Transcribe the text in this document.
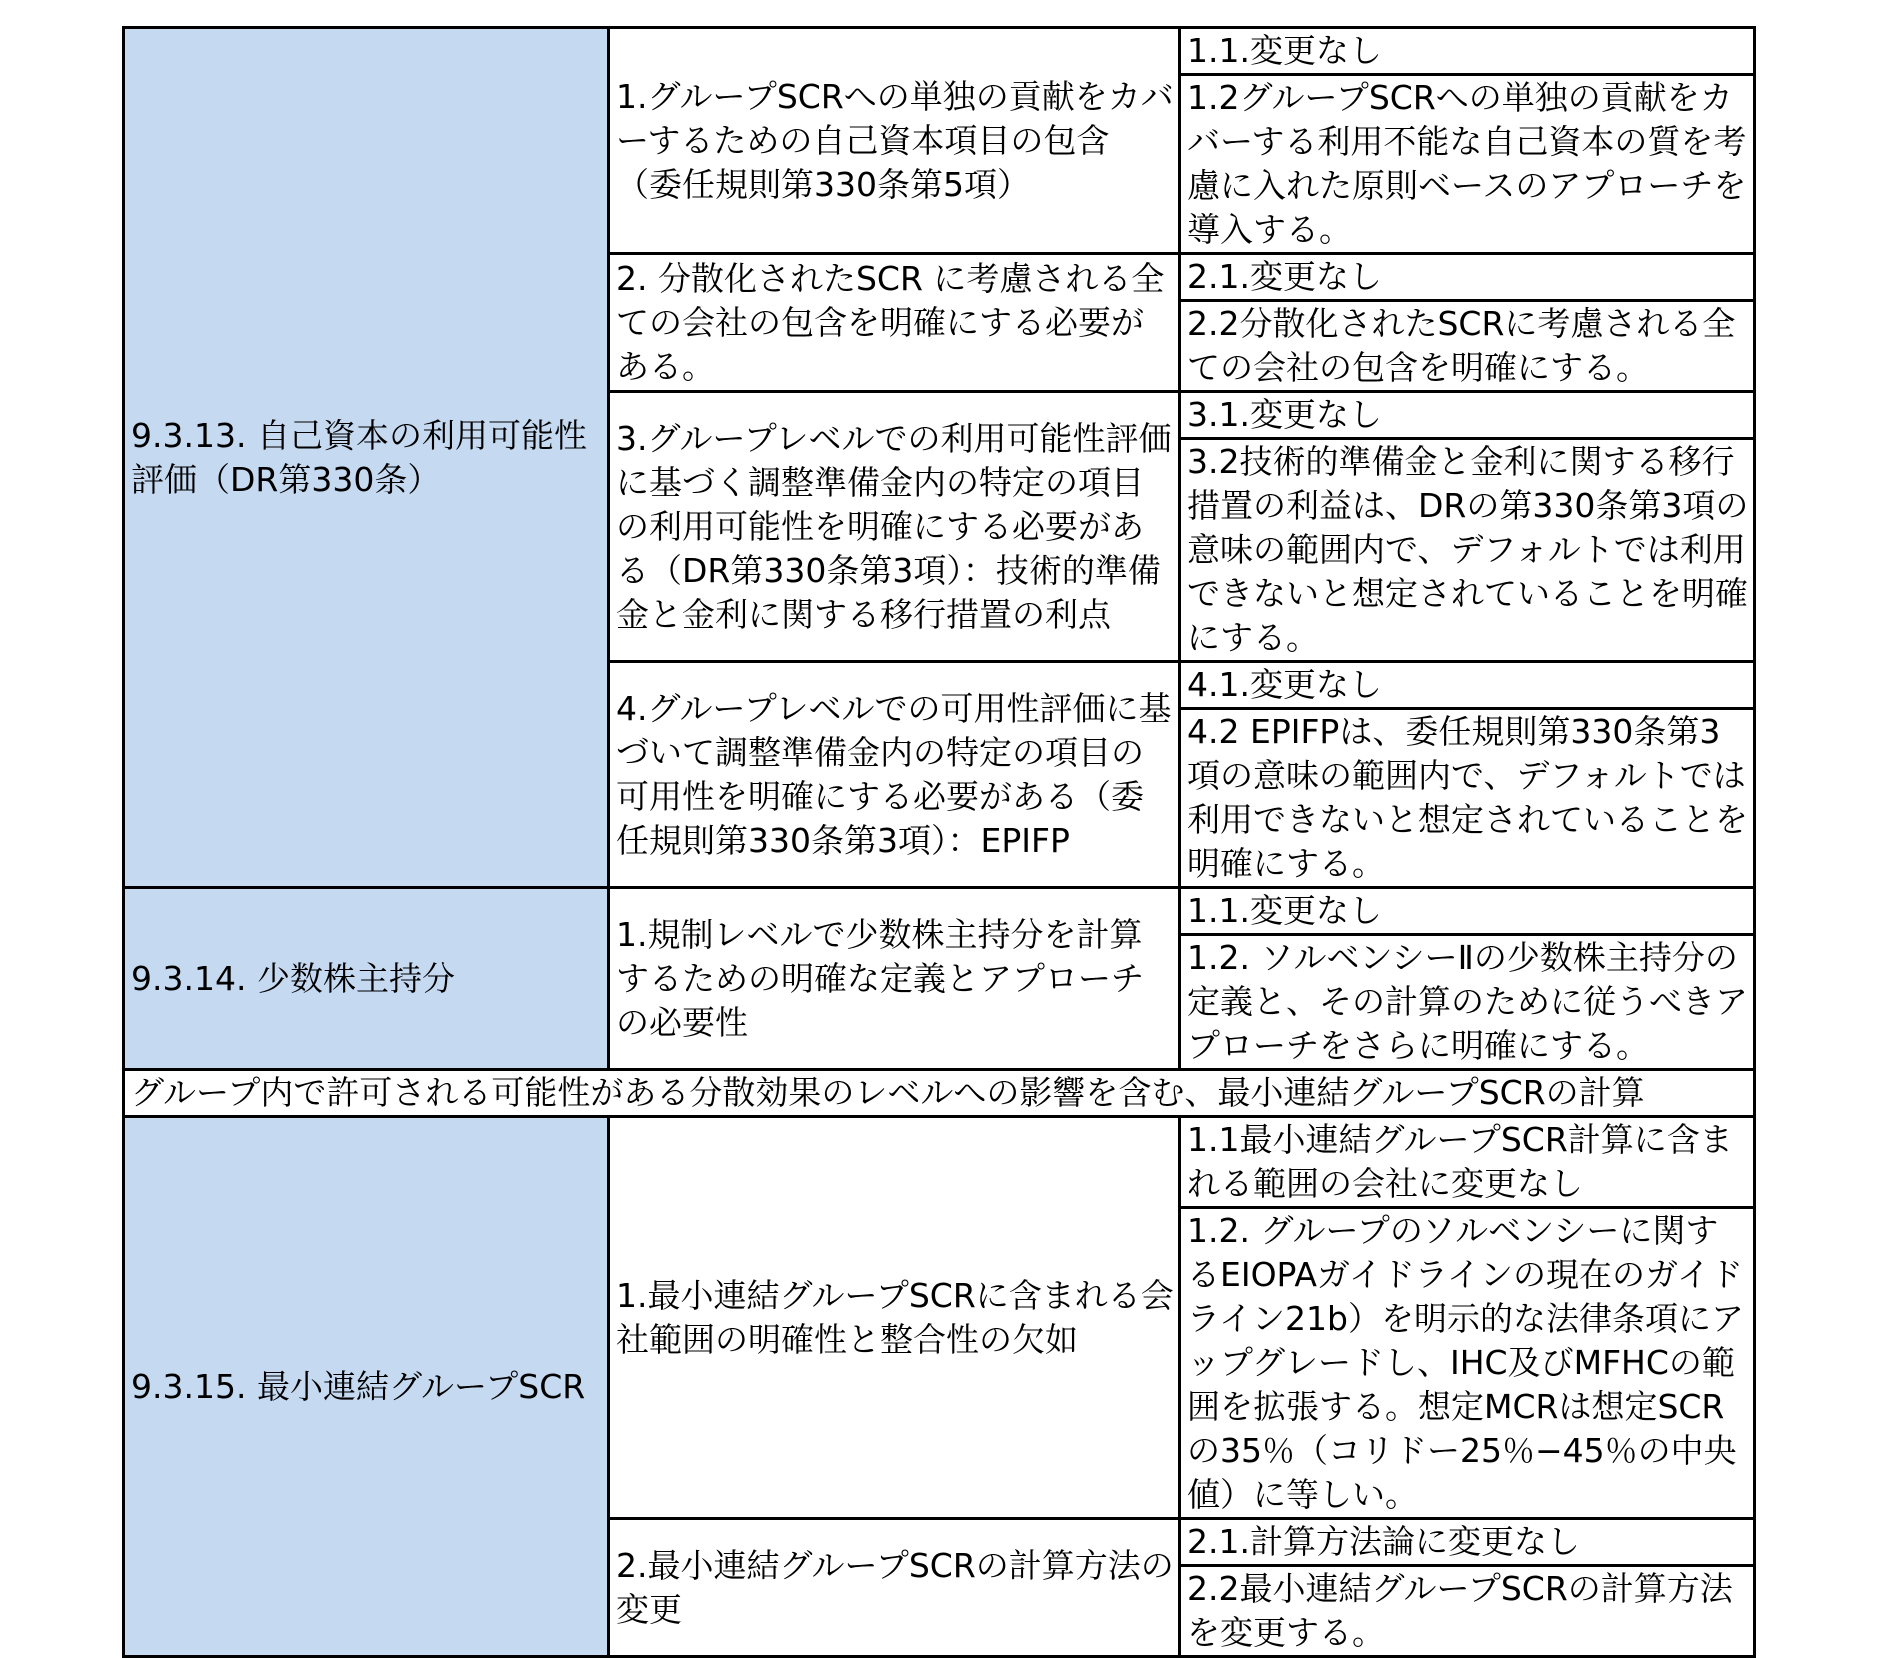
9.3.13. 自己資本の利用可能性評価（DR第330条）	1.グループSCRへの単独の貢献をカバーするための自己資本項目の包含（委任規則第330条第5項）	1.1.変更なし
		1.2グループSCRへの単独の貢献をカバーする利用不能な自己資本の質を考慮に入れた原則ベースのアプローチを導入する。
	2. 分散化されたSCR に考慮される全ての会社の包含を明確にする必要がある。	2.1.変更なし
		2.2分散化されたSCRに考慮される全ての会社の包含を明確にする。
	3.グループレベルでの利用可能性評価に基づく調整準備金内の特定の項目の利用可能性を明確にする必要がある（DR第330条第3項）：技術的準備金と金利に関する移行措置の利点	3.1.変更なし
		3.2技術的準備金と金利に関する移行措置の利益は、DRの第330条第3項の意味の範囲内で、デフォルトでは利用できないと想定されていることを明確にする。
	4.グループレベルでの可用性評価に基づいて調整準備金内の特定の項目の可用性を明確にする必要がある（委任規則第330条第3項）：EPIFP	4.1.変更なし
		4.2 EPIFPは、委任規則第330条第3項の意味の範囲内で、デフォルトでは利用できないと想定されていることを明確にする。
9.3.14. 少数株主持分	1.規制レベルで少数株主持分を計算するための明確な定義とアプローチの必要性	1.1.変更なし
		1.2. ソルベンシーⅡの少数株主持分の定義と、その計算のために従うべきアプローチをさらに明確にする。
グループ内で許可される可能性がある分散効果のレベルへの影響を含む、最小連結グループSCRの計算		
9.3.15. 最小連結グループSCR	1.最小連結グループSCRに含まれる会社範囲の明確性と整合性の欠如	1.1最小連結グループSCR計算に含まれる範囲の会社に変更なし
		1.2. グループのソルベンシーに関するEIOPAガイドラインの現在のガイドライン21b）を明示的な法律条項にアップグレードし、IHC及びMFHCの範囲を拡張する。想定MCRは想定SCRの35％（コリドー25％−45％の中央値）に等しい。
	2.最小連結グループSCRの計算方法の変更	2.1.計算方法論に変更なし
		2.2最小連結グループSCRの計算方法を変更する。
